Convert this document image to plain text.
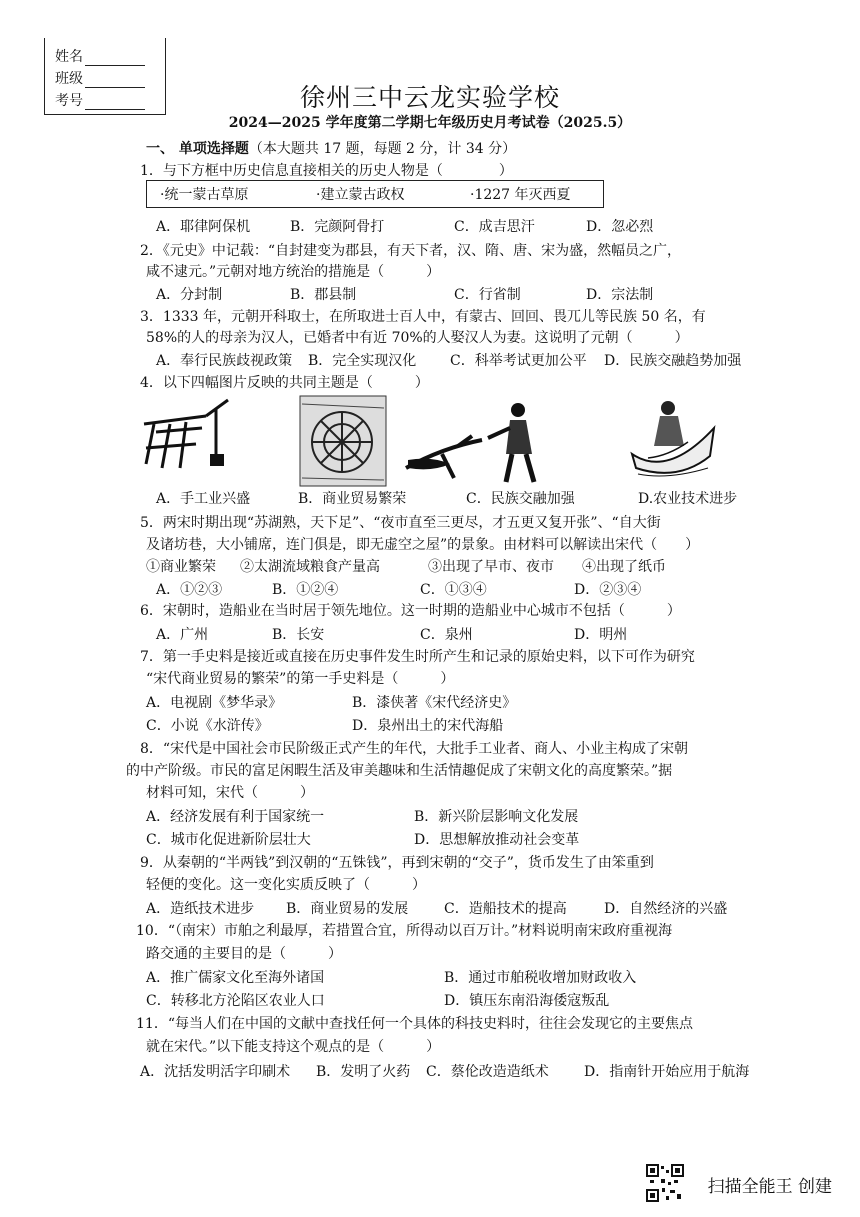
姓名
班级
考号	徐州三中云龙实验学校
2024—2025 学年度第二学期七年级历史月考试卷（2025.5）
一、 单项选择题（本大题共 17 题，每题 2 分，计 34 分）
1．与下方框中历史信息直接相关的历史人物是（　　　　）
·统一蒙古草原	·建立蒙古政权	·1227 年灭西夏
A．耶律阿保机	B．完颜阿骨打	C．成吉思汗	D．忽必烈
2．《元史》中记载：“自封建变为郡县，有天下者，汉、隋、唐、宋为盛，然幅员之广，
咸不逮元。”元朝对地方统治的措施是（　　　）
A．分封制	B．郡县制	C．行省制	D．宗法制
3．1333 年，元朝开科取士，在所取进士百人中，有蒙古、回回、畏兀儿等民族 50 名，有
58%的人的母亲为汉人，已婚者中有近 70%的人娶汉人为妻。这说明了元朝（　　　）
A．奉行民族歧视政策 B．完全实现汉化 C．科举考试更加公平 D．民族交融趋势加强
4．以下四幅图片反映的共同主题是（　　　）
A．手工业兴盛	B．商业贸易繁荣	C．民族交融加强	D.农业技术进步
5．两宋时期出现“苏湖熟，天下足”、“夜市直至三更尽，才五更又复开张”、“自大街
及诸坊巷，大小铺席，连门俱是，即无虚空之屋”的景象。由材料可以解读出宋代（　　）
①商业繁荣 ②太湖流域粮食产量高	③出现了早市、夜市 ④出现了纸币
A．①②③	B．①②④	C．①③④	D．②③④
6．宋朝时，造船业在当时居于领先地位。这一时期的造船业中心城市不包括（　　　）
A．广州	B．长安	C．泉州	D．明州
7．第一手史料是接近或直接在历史事件发生时所产生和记录的原始史料，以下可作为研究
“宋代商业贸易的繁荣”的第一手史料是（　　　）
A．电视剧《梦华录》	B．漆侠著《宋代经济史》
C．小说《水浒传》	D．泉州出土的宋代海船
8．“宋代是中国社会市民阶级正式产生的年代，大批手工业者、商人、小业主构成了宋朝
的中产阶级。市民的富足闲暇生活及审美趣味和生活情趣促成了宋朝文化的高度繁荣。”据
材料可知，宋代（　　　）
A．经济发展有利于国家统一	B．新兴阶层影响文化发展
C．城市化促进新阶层壮大	D．思想解放推动社会变革
9．从秦朝的“半两钱”到汉朝的“五铢钱”，再到宋朝的“交子”，货币发生了由笨重到
轻便的变化。这一变化实质反映了（　　　）
A．造纸技术进步 B．商业贸易的发展	C．造船技术的提高	D．自然经济的兴盛
10．“（南宋）市舶之利最厚，若措置合宜，所得动以百万计。”材料说明南宋政府重视海
路交通的主要目的是（　　　）
A．推广儒家文化至海外诸国	B．通过市舶税收增加财政收入
C．转移北方沦陷区农业人口	D．镇压东南沿海倭寇叛乱
11．“每当人们在中国的文献中查找任何一个具体的科技史料时，往往会发现它的主要焦点
就在宋代。”以下能支持这个观点的是（　　　）
A．沈括发明活字印刷术 B．发明了火药 C．蔡伦改造造纸术	D．指南针开始应用于航海
扫描全能王 创建
